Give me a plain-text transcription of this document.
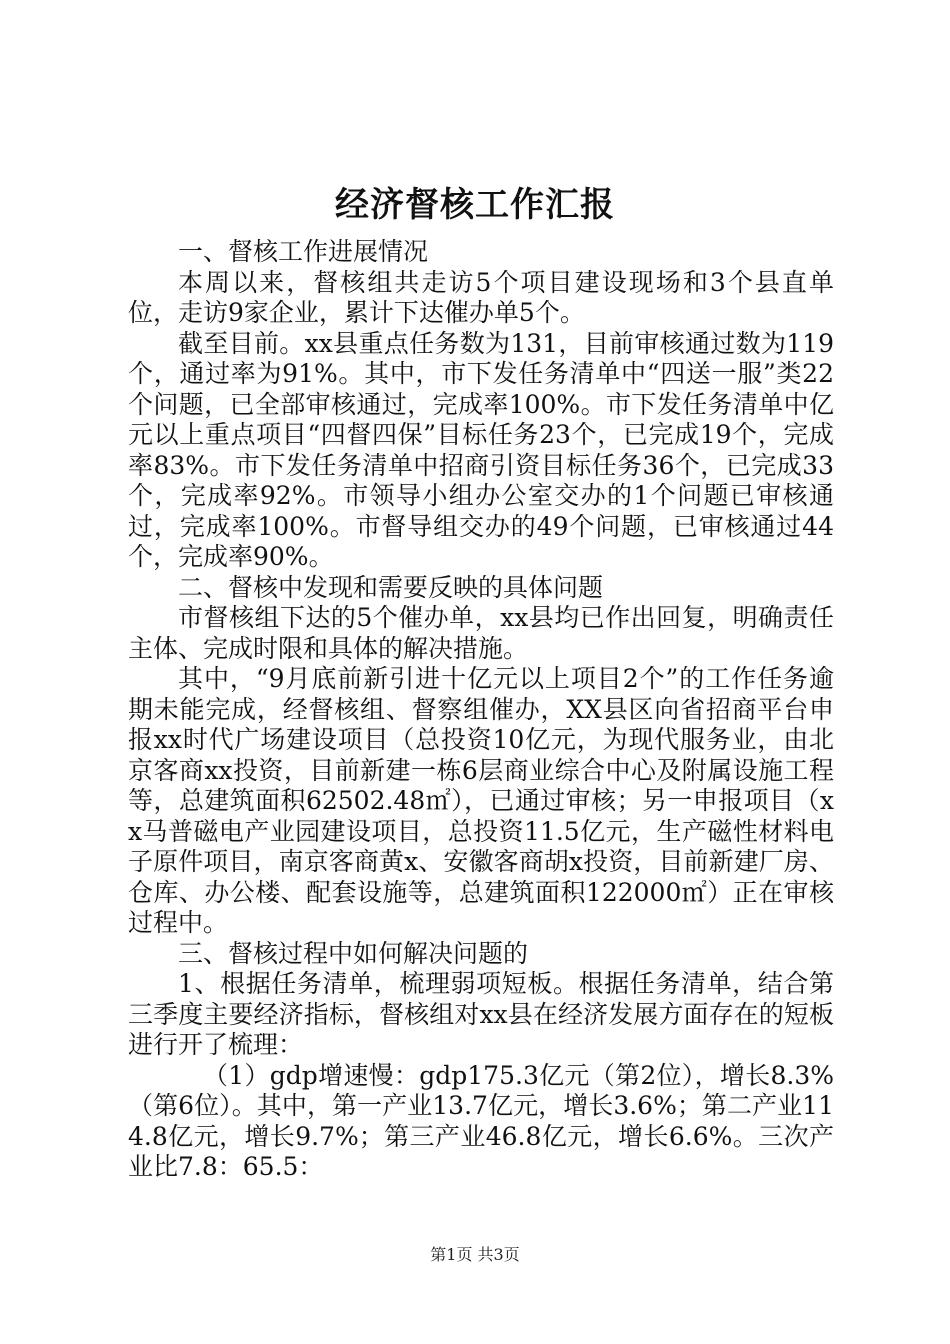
经济督核工作汇报

一、督核工作进展情况

本周以来，督核组共走访5个项目建设现场和3个县直单位，走访9家企业，累计下达催办单5个。

截至目前。xx县重点任务数为131，目前审核通过数为119个，通过率为91%。其中，市下发任务清单中“四送一服”类22个问题，已全部审核通过，完成率100%。市下发任务清单中亿元以上重点项目“四督四保”目标任务23个，已完成19个，完成率83%。市下发任务清单中招商引资目标任务36个，已完成33个，完成率92%。市领导小组办公室交办的1个问题已审核通过，完成率100%。市督导组交办的49个问题，已审核通过44个，完成率90%。

二、督核中发现和需要反映的具体问题

市督核组下达的5个催办单，xx县均已作出回复，明确责任主体、完成时限和具体的解决措施。

其中，“9月底前新引进十亿元以上项目2个”的工作任务逾期未能完成，经督核组、督察组催办，XX县区向省招商平台申报xx时代广场建设项目（总投资10亿元，为现代服务业，由北京客商xx投资，目前新建一栋6层商业综合中心及附属设施工程等，总建筑面积62502.48㎡），已通过审核；另一申报项目（xx马普磁电产业园建设项目，总投资11.5亿元，生产磁性材料电子原件项目，南京客商黄x、安徽客商胡x投资，目前新建厂房、仓库、办公楼、配套设施等，总建筑面积122000㎡）正在审核过程中。

三、督核过程中如何解决问题的

1、根据任务清单，梳理弱项短板。根据任务清单，结合第三季度主要经济指标，督核组对xx县在经济发展方面存在的短板进行开了梳理：

（1）gdp增速慢：gdp175.3亿元（第2位），增长8.3%（第6位）。其中，第一产业13.7亿元，增长3.6%；第二产业114.8亿元，增长9.7%；第三产业46.8亿元，增长6.6%。三次产业比7.8：65.5：

第1页 共3页
